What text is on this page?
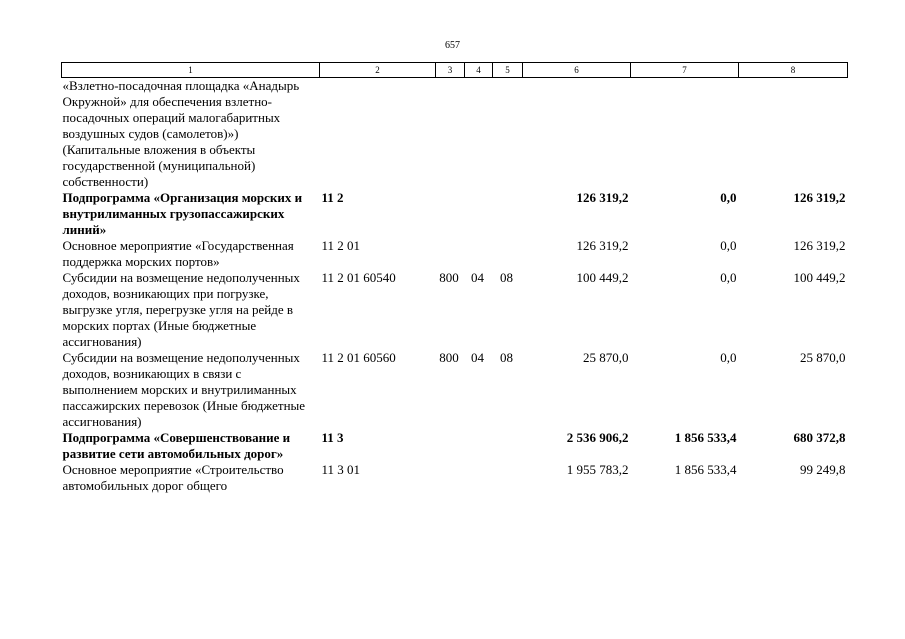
657
1	2	3	4	5	6	7	8
«Взлетно-посадочная площадка «Анадырь Окружной» для обеспечения взлетно-посадочных операций малогабаритных воздушных судов (самолетов)») (Капитальные вложения в объекты государственной (муниципальной) собственности)							
Подпрограмма «Организация морских и внутрилиманных грузопассажирских линий»	11 2				126 319,2	0,0	126 319,2
Основное мероприятие «Государственная поддержка морских портов»	11 2 01				126 319,2	0,0	126 319,2
Субсидии на возмещение недополученных доходов, возникающих при погрузке, выгрузке угля, перегрузке угля на рейде в морских портах (Иные бюджетные ассигнования)	11 2 01 60540	800	04	08	100 449,2	0,0	100 449,2
Субсидии на возмещение недополученных доходов, возникающих в связи с выполнением морских и внутрилиманных пассажирских перевозок (Иные бюджетные ассигнования)	11 2 01 60560	800	04	08	25 870,0	0,0	25 870,0
Подпрограмма «Совершенствование и развитие сети автомобильных дорог»	11 3				2 536 906,2	1 856 533,4	680 372,8
Основное мероприятие «Строительство автомобильных дорог общего	11 3 01				1 955 783,2	1 856 533,4	99 249,8
